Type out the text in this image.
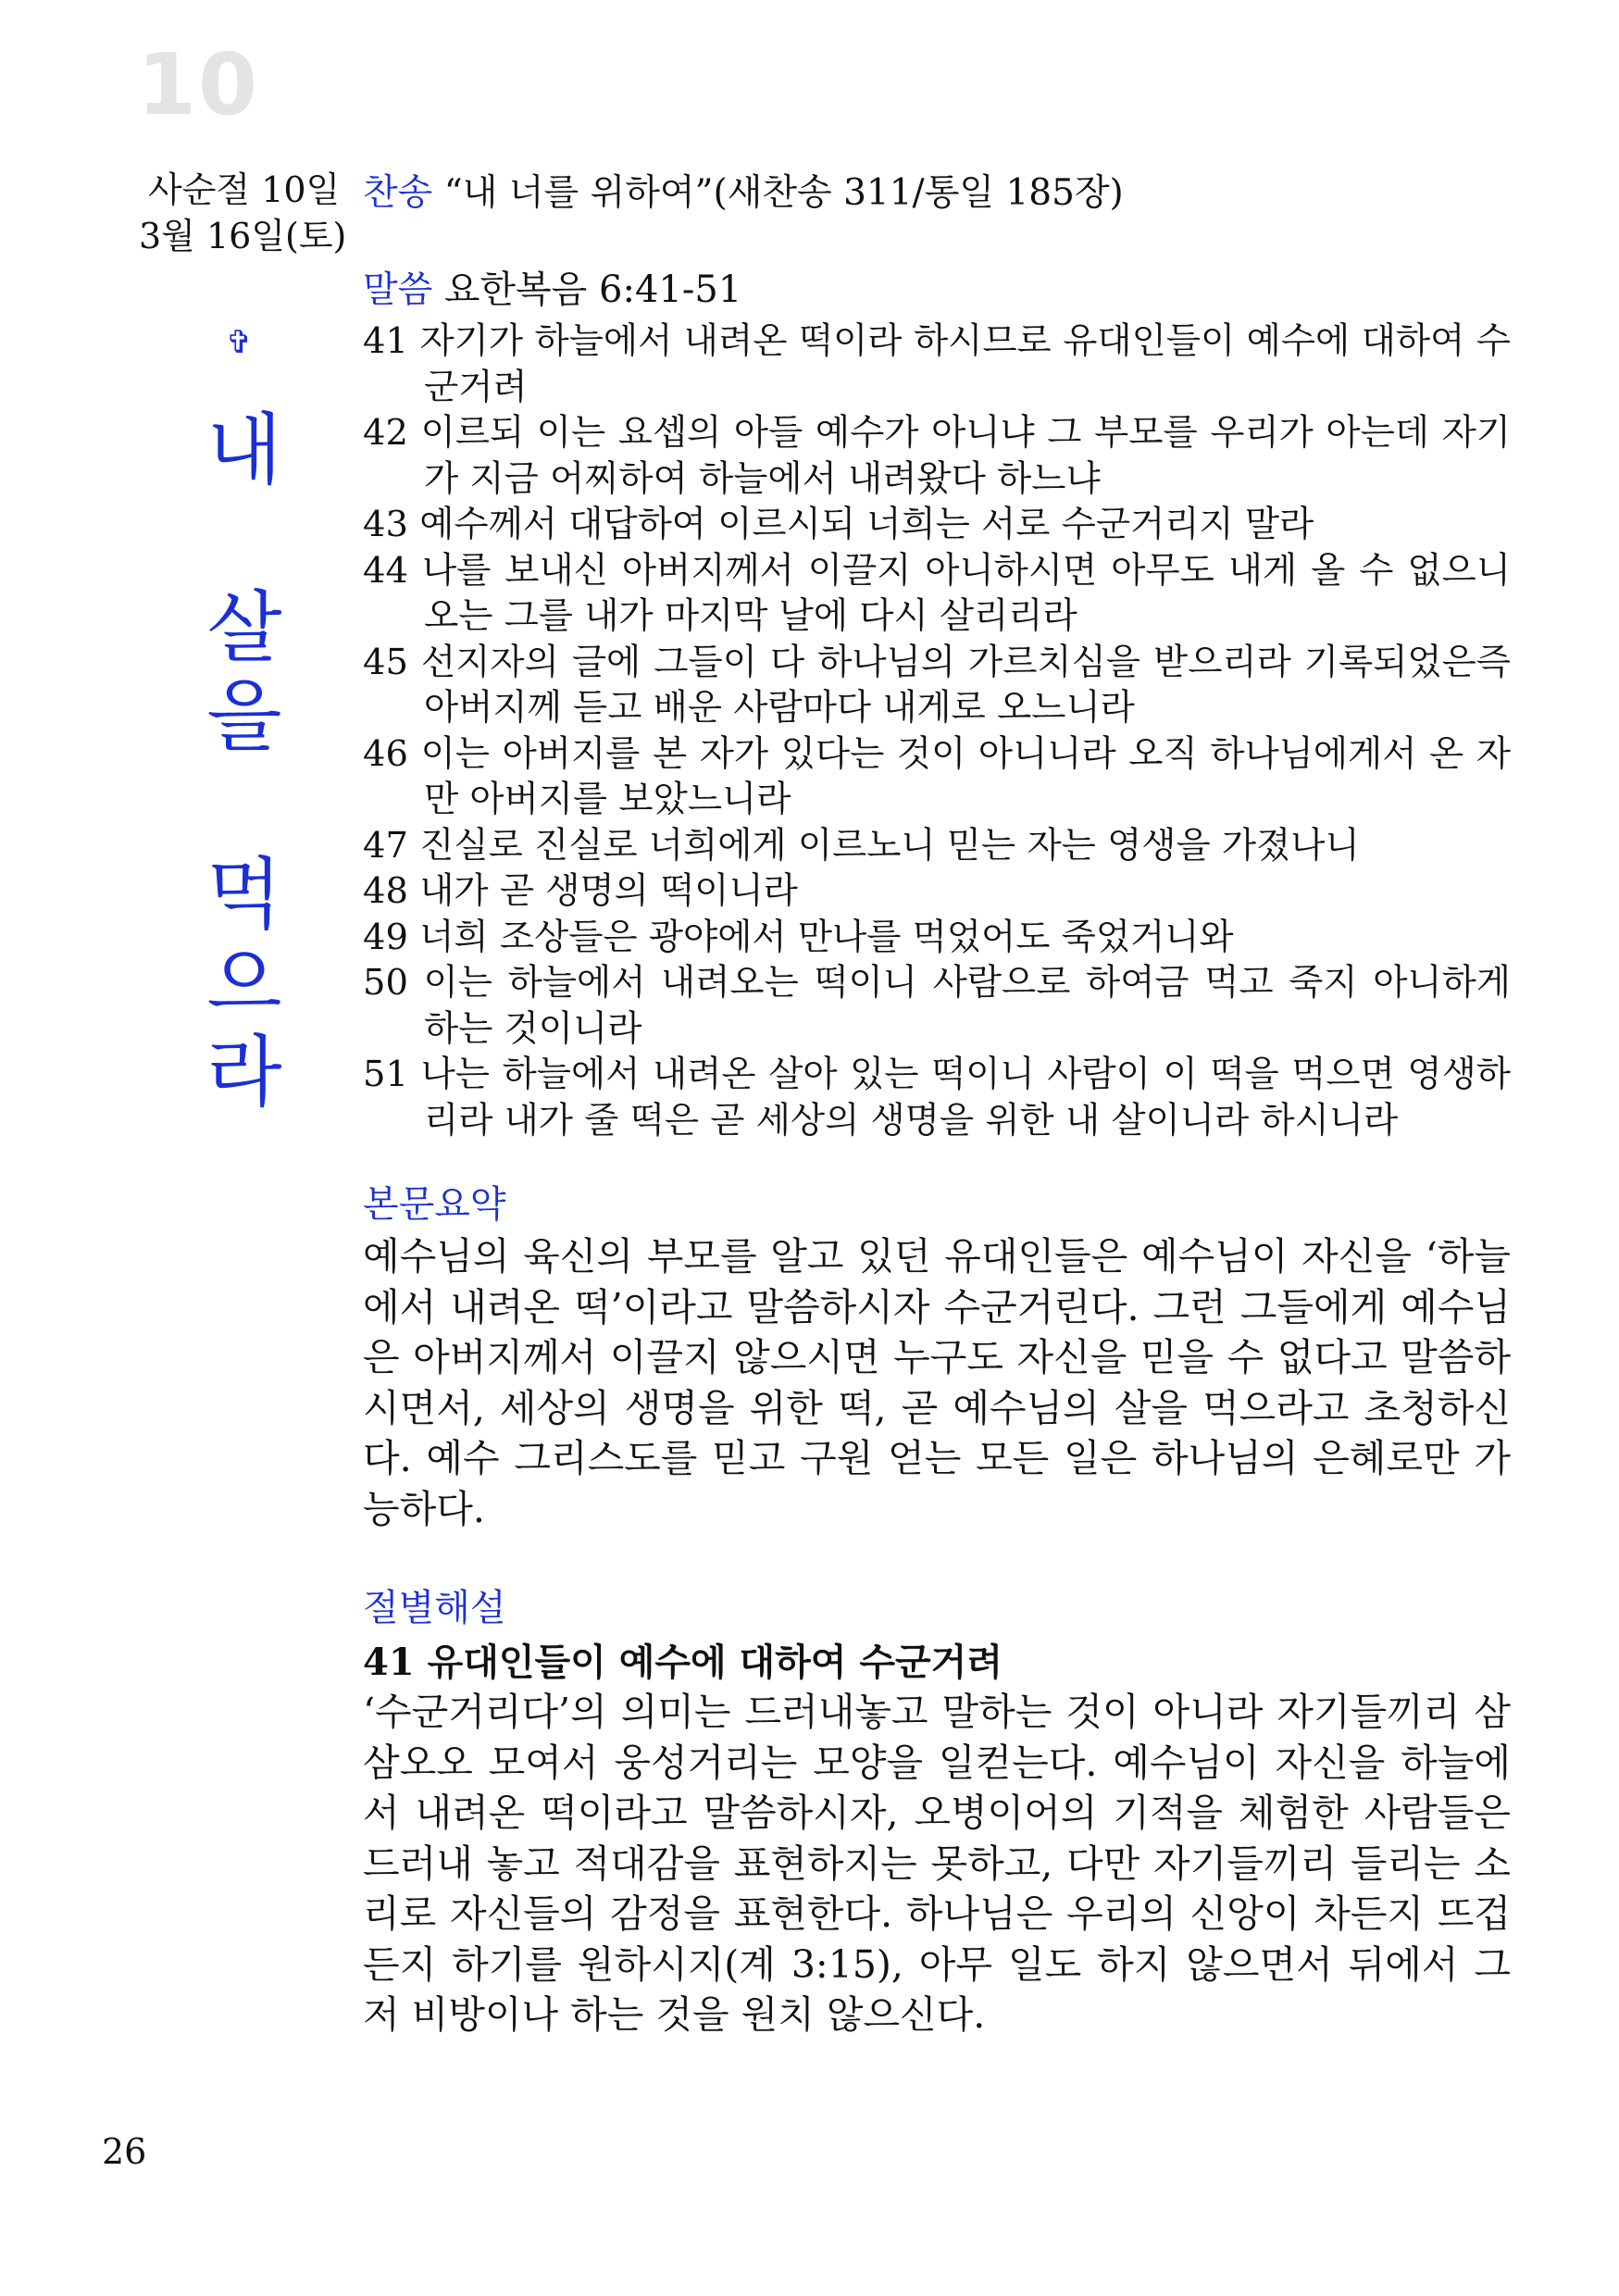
10
사순절 10일
3월 16일(토)
✞
내

살
을

먹
으
라
찬송 “내 너를 위하여”(새찬송 311/통일 185장)
말씀 요한복음 6:41-51
41 자기가 하늘에서 내려온 떡이라 하시므로 유대인들이 예수에 대하여 수군거려
42 이르되 이는 요셉의 아들 예수가 아니냐 그 부모를 우리가 아는데 자기가 지금 어찌하여 하늘에서 내려왔다 하느냐
43 예수께서 대답하여 이르시되 너희는 서로 수군거리지 말라
44 나를 보내신 아버지께서 이끌지 아니하시면 아무도 내게 올 수 없으니 오는 그를 내가 마지막 날에 다시 살리리라
45 선지자의 글에 그들이 다 하나님의 가르치심을 받으리라 기록되었은즉 아버지께 듣고 배운 사람마다 내게로 오느니라
46 이는 아버지를 본 자가 있다는 것이 아니니라 오직 하나님에게서 온 자만 아버지를 보았느니라
47 진실로 진실로 너희에게 이르노니 믿는 자는 영생을 가졌나니
48 내가 곧 생명의 떡이니라
49 너희 조상들은 광야에서 만나를 먹었어도 죽었거니와
50 이는 하늘에서 내려오는 떡이니 사람으로 하여금 먹고 죽지 아니하게 하는 것이니라
51 나는 하늘에서 내려온 살아 있는 떡이니 사람이 이 떡을 먹으면 영생하리라 내가 줄 떡은 곧 세상의 생명을 위한 내 살이니라 하시니라
본문요약
예수님의 육신의 부모를 알고 있던 유대인들은 예수님이 자신을 ‘하늘에서 내려온 떡’이라고 말씀하시자 수군거린다. 그런 그들에게 예수님은 아버지께서 이끌지 않으시면 누구도 자신을 믿을 수 없다고 말씀하시면서, 세상의 생명을 위한 떡, 곧 예수님의 살을 먹으라고 초청하신다. 예수 그리스도를 믿고 구원 얻는 모든 일은 하나님의 은혜로만 가능하다.
절별해설
41 유대인들이 예수에 대하여 수군거려
‘수군거리다’의 의미는 드러내놓고 말하는 것이 아니라 자기들끼리 삼삼오오 모여서 웅성거리는 모양을 일컫는다. 예수님이 자신을 하늘에서 내려온 떡이라고 말씀하시자, 오병이어의 기적을 체험한 사람들은 드러내 놓고 적대감을 표현하지는 못하고, 다만 자기들끼리 들리는 소리로 자신들의 감정을 표현한다. 하나님은 우리의 신앙이 차든지 뜨겁든지 하기를 원하시지(계 3:15), 아무 일도 하지 않으면서 뒤에서 그저 비방이나 하는 것을 원치 않으신다.
26
